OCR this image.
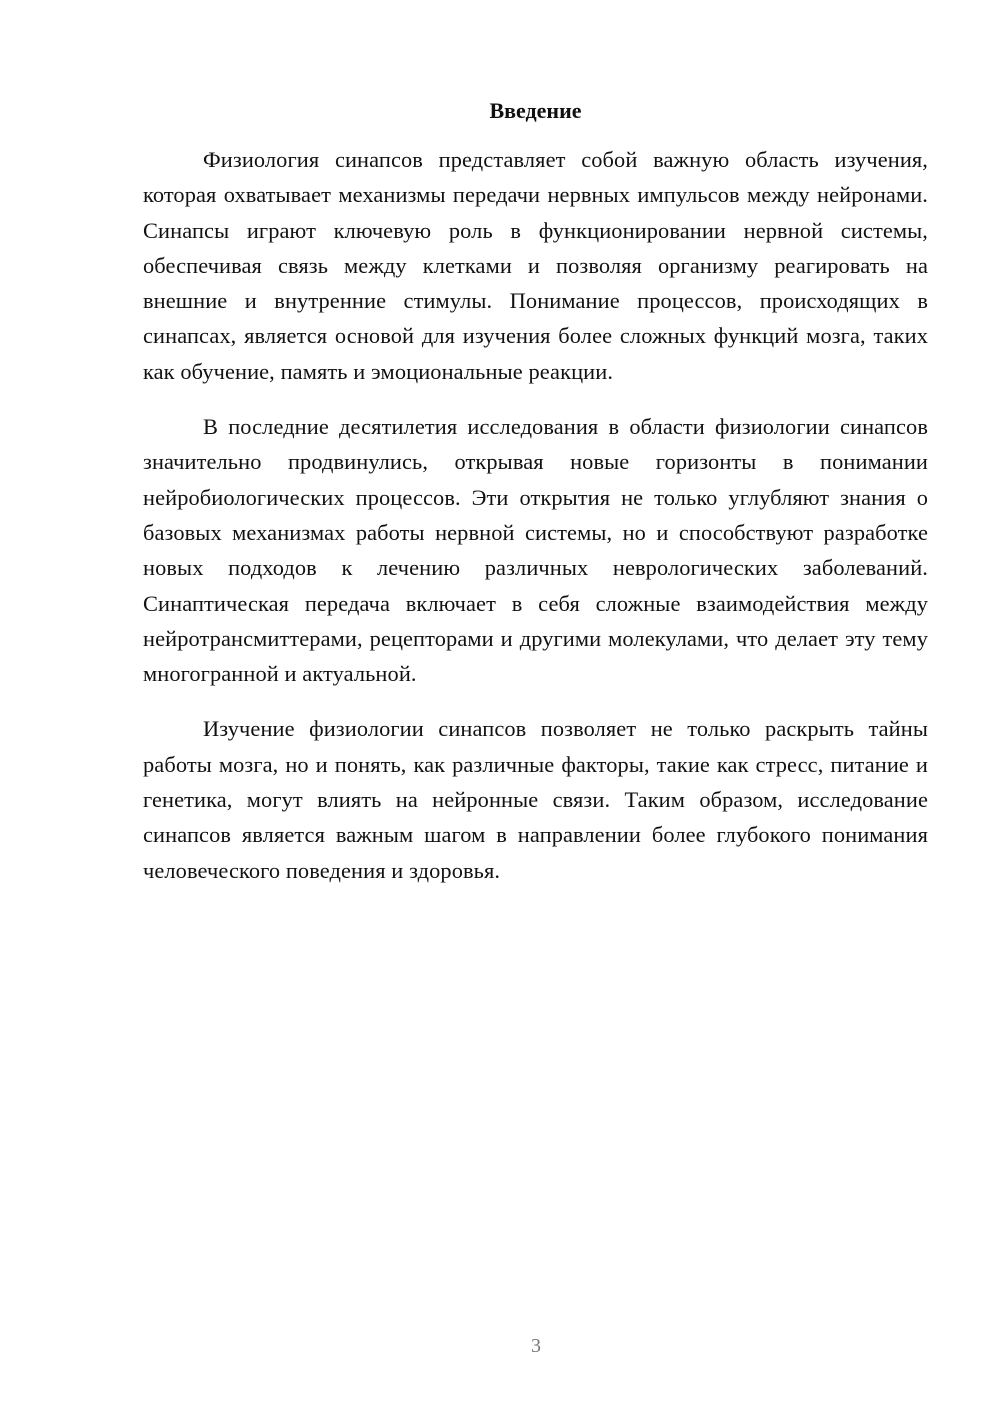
Введение

Физиология синапсов представляет собой важную область изучения, которая охватывает механизмы передачи нервных импульсов между нейронами. Синапсы играют ключевую роль в функционировании нервной системы, обеспечивая связь между клетками и позволяя организму реагировать на внешние и внутренние стимулы. Понимание процессов, происходящих в синапсах, является основой для изучения более сложных функций мозга, таких как обучение, память и эмоциональные реакции.

В последние десятилетия исследования в области физиологии синапсов значительно продвинулись, открывая новые горизонты в понимании нейробиологических процессов. Эти открытия не только углубляют знания о базовых механизмах работы нервной системы, но и способствуют разработке новых подходов к лечению различных неврологических заболеваний. Синаптическая передача включает в себя сложные взаимодействия между нейротрансмиттерами, рецепторами и другими молекулами, что делает эту тему многогранной и актуальной.

Изучение физиологии синапсов позволяет не только раскрыть тайны работы мозга, но и понять, как различные факторы, такие как стресс, питание и генетика, могут влиять на нейронные связи. Таким образом, исследование синапсов является важным шагом в направлении более глубокого понимания человеческого поведения и здоровья.

3
